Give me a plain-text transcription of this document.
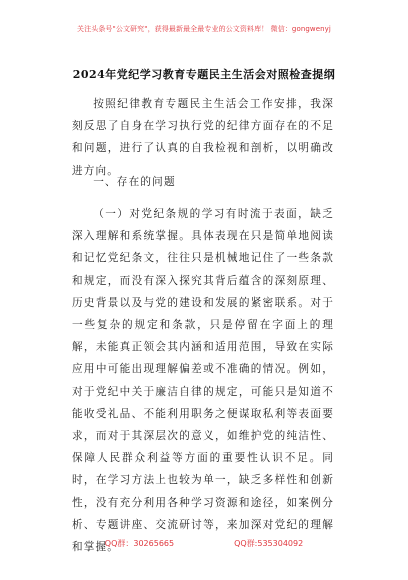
关注头条号"公文研究"，获得最新最全最专业的公文资料库！ 微信：gongwenyj
2024年党纪学习教育专题民主生活会对照检查提纲
按照纪律教育专题民主生活会工作安排，我深刻反思了自身在学习执行党的纪律方面存在的不足和问题，进行了认真的自我检视和剖析，以明确改进方向。
一、存在的问题
（一）对党纪条规的学习有时流于表面，缺乏深入理解和系统掌握。具体表现在只是简单地阅读和记忆党纪条文，往往只是机械地记住了一些条款和规定，而没有深入探究其背后蕴含的深刻原理、历史背景以及与党的建设和发展的紧密联系。对于一些复杂的规定和条款，只是停留在字面上的理解，未能真正领会其内涵和适用范围，导致在实际应用中可能出现理解偏差或不准确的情况。例如，对于党纪中关于廉洁自律的规定，可能只是知道不能收受礼品、不能利用职务之便谋取私利等表面要求，而对于其深层次的意义，如维护党的纯洁性、保障人民群众利益等方面的重要性认识不足。同时，在学习方法上也较为单一，缺乏多样性和创新性，没有充分利用各种学习资源和途径，如案例分析、专题讲座、交流研讨等，来加深对党纪的理解和掌握。
QQ群：30265665	QQ群:535304092
